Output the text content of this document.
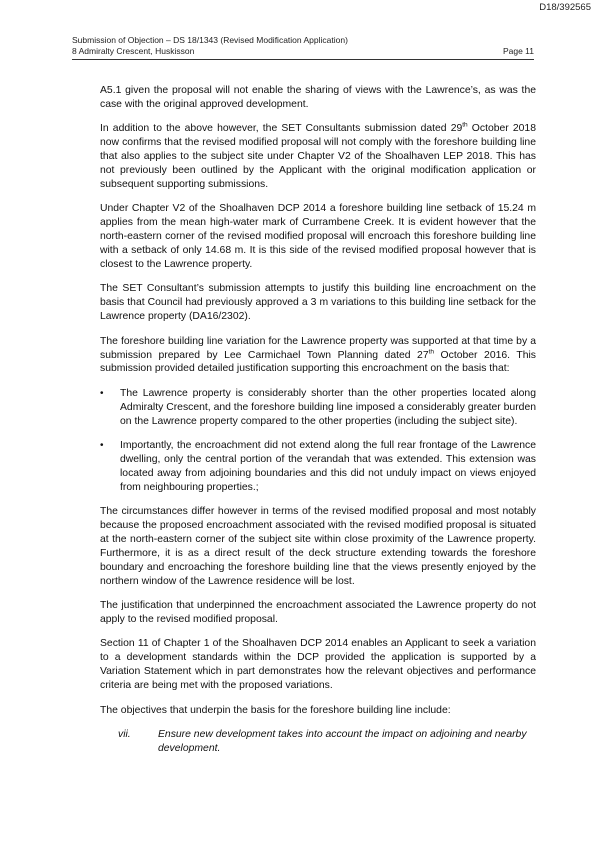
D18/392565
Submission of Objection – DS 18/1343 (Revised Modification Application)
8 Admiralty Crescent, Huskisson	Page 11

A5.1 given the proposal will not enable the sharing of views with the Lawrence’s, as was the case with the original approved development.

In addition to the above however, the SET Consultants submission dated 29th October 2018 now confirms that the revised modified proposal will not comply with the foreshore building line that also applies to the subject site under Chapter V2 of the Shoalhaven LEP 2018. This has not previously been outlined by the Applicant with the original modification application or subsequent supporting submissions.

Under Chapter V2 of the Shoalhaven DCP 2014 a foreshore building line setback of 15.24 m applies from the mean high-water mark of Currambene Creek. It is evident however that the north-eastern corner of the revised modified proposal will encroach this foreshore building line with a setback of only 14.68 m. It is this side of the revised modified proposal however that is closest to the Lawrence property.

The SET Consultant’s submission attempts to justify this building line encroachment on the basis that Council had previously approved a 3 m variations to this building line setback for the Lawrence property (DA16/2302).

The foreshore building line variation for the Lawrence property was supported at that time by a submission prepared by Lee Carmichael Town Planning dated 27th October 2016. This submission provided detailed justification supporting this encroachment on the basis that:

• The Lawrence property is considerably shorter than the other properties located along Admiralty Crescent, and the foreshore building line imposed a considerably greater burden on the Lawrence property compared to the other properties (including the subject site).
• Importantly, the encroachment did not extend along the full rear frontage of the Lawrence dwelling, only the central portion of the verandah that was extended. This extension was located away from adjoining boundaries and this did not unduly impact on views enjoyed from neighbouring properties.;

The circumstances differ however in terms of the revised modified proposal and most notably because the proposed encroachment associated with the revised modified proposal is situated at the north-eastern corner of the subject site within close proximity of the Lawrence property. Furthermore, it is as a direct result of the deck structure extending towards the foreshore boundary and encroaching the foreshore building line that the views presently enjoyed by the northern window of the Lawrence residence will be lost.

The justification that underpinned the encroachment associated the Lawrence property do not apply to the revised modified proposal.

Section 11 of Chapter 1 of the Shoalhaven DCP 2014 enables an Applicant to seek a variation to a development standards within the DCP provided the application is supported by a Variation Statement which in part demonstrates how the relevant objectives and performance criteria are being met with the proposed variations.

The objectives that underpin the basis for the foreshore building line include:

vii.	Ensure new development takes into account the impact on adjoining and nearby development.
